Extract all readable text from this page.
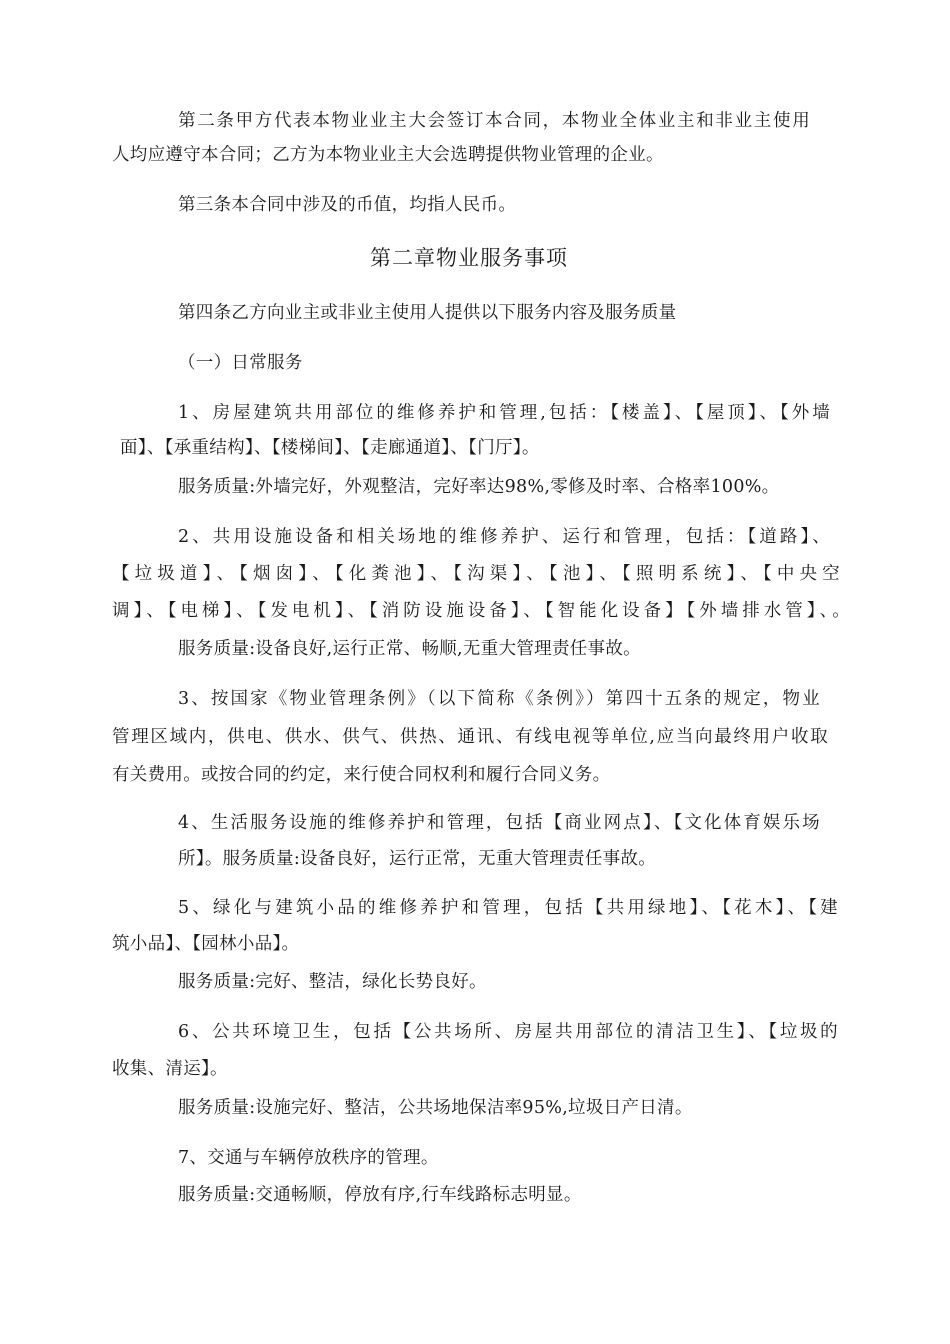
第二条甲方代表本物业业主大会签订本合同，本物业全体业主和非业主使用
人均应遵守本合同；乙方为本物业业主大会选聘提供物业管理的企业。
第三条本合同中涉及的币值，均指人民币。
第二章物业服务事项
第四条乙方向业主或非业主使用人提供以下服务内容及服务质量
（一）日常服务
1、房屋建筑共用部位的维修养护和管理,包括：【楼盖】、【屋顶】、【外墙
面】、【承重结构】、【楼梯间】、【走廊通道】、【门厅】。
服务质量:外墙完好，外观整洁，完好率达98%,零修及时率、合格率100%。
2、共用设施设备和相关场地的维修养护、运行和管理，包括：【道路】、
【垃圾道】、【烟囱】、【化粪池】、【沟渠】、【池】、【照明系统】、【中央空
调】、【电梯】、【发电机】、【消防设施设备】、【智能化设备】【外墙排水管】、。
服务质量:设备良好,运行正常、畅顺,无重大管理责任事故。
3、按国家《物业管理条例》（以下简称《条例》）第四十五条的规定，物业
管理区域内，供电、供水、供气、供热、通讯、有线电视等单位,应当向最终用户收取
有关费用。或按合同的约定，来行使合同权利和履行合同义务。
4、生活服务设施的维修养护和管理，包括【商业网点】、【文化体育娱乐场
所】。服务质量:设备良好，运行正常，无重大管理责任事故。
5、绿化与建筑小品的维修养护和管理，包括【共用绿地】、【花木】、【建
筑小品】、【园林小品】。
服务质量:完好、整洁，绿化长势良好。
6、公共环境卫生，包括【公共场所、房屋共用部位的清洁卫生】、【垃圾的
收集、清运】。
服务质量:设施完好、整洁，公共场地保洁率95%,垃圾日产日清。
7、交通与车辆停放秩序的管理。
服务质量:交通畅顺，停放有序,行车线路标志明显。
